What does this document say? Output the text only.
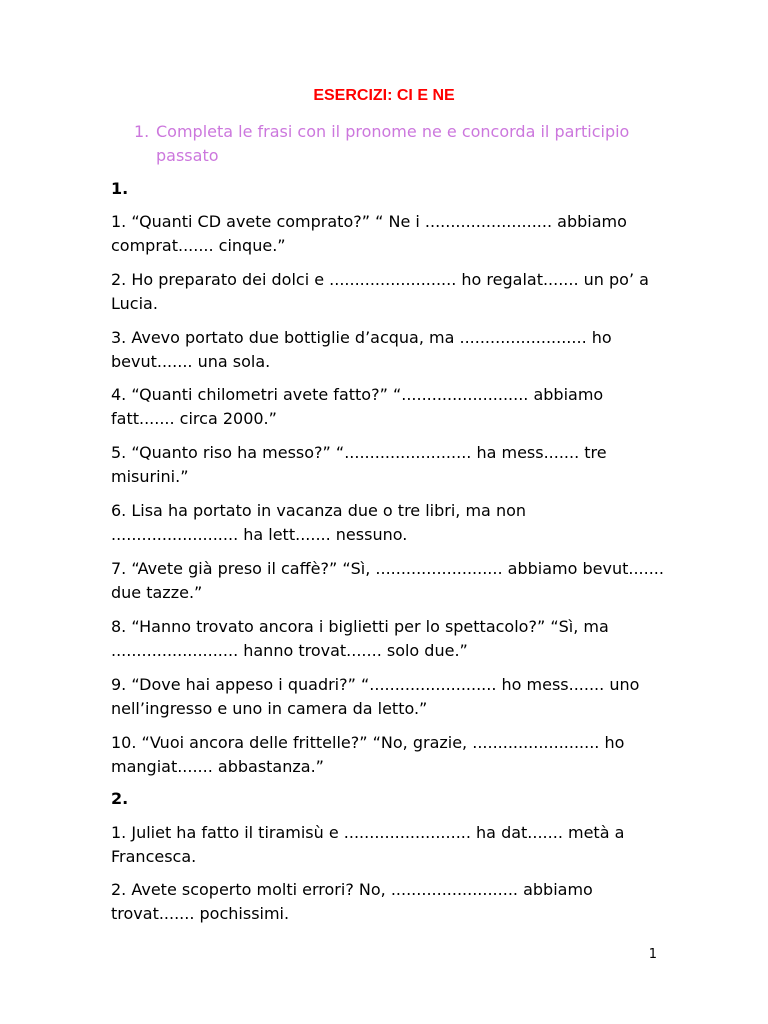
ESERCIZI: CI E NE
1. Completa le frasi con il pronome ne e concorda il participio passato
1.
1. “Quanti CD avete comprato?” “ Ne i ......................... abbiamo comprat....... cinque.”
2. Ho preparato dei dolci e ......................... ho regalat....... un po’ a Lucia.
3. Avevo portato due bottiglie d’acqua, ma ......................... ho bevut....... una sola.
4. “Quanti chilometri avete fatto?” “......................... abbiamo fatt....... circa 2000.”
5. “Quanto riso ha messo?” “......................... ha mess....... tre misurini.”
6. Lisa ha portato in vacanza due o tre libri, ma non ......................... ha lett....... nessuno.
7. “Avete già preso il caffè?” “Sì, ......................... abbiamo bevut....... due tazze.”
8. “Hanno trovato ancora i biglietti per lo spettacolo?” “Sì, ma ......................... hanno trovat....... solo due.”
9. “Dove hai appeso i quadri?” “......................... ho mess....... uno nell’ingresso e uno in camera da letto.”
10. “Vuoi ancora delle frittelle?” “No, grazie, ......................... ho mangiat....... abbastanza.”
2.
1. Juliet ha fatto il tiramisù e ......................... ha dat....... metà a Francesca.
2. Avete scoperto molti errori? No, ......................... abbiamo trovat....... pochissimi.
1
